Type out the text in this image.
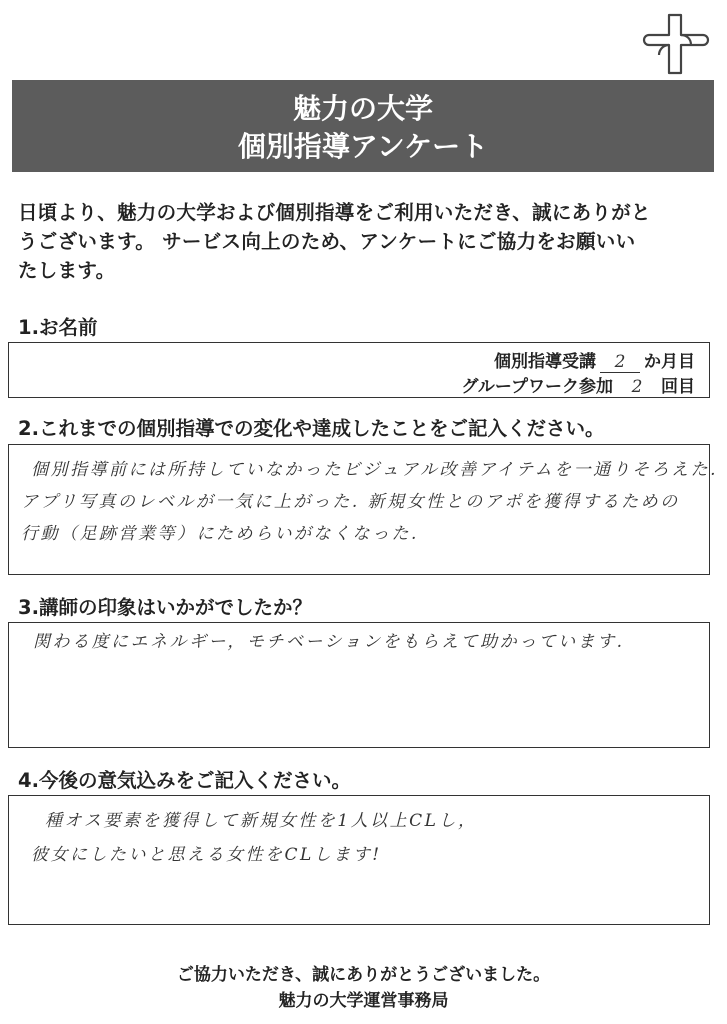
魅力の大学
個別指導アンケート
日頃より、魅力の大学および個別指導をご利用いただき、誠にありがと
うございます。 サービス向上のため、アンケートにご協力をお願いい
たします。
1.お名前
個別指導受講 2 か月目
グループワーク参加 2 回目
2.これまでの個別指導での変化や達成したことをご記入ください。
個別指導前には所持していなかったビジュアル改善アイテムを一通りそろえた.
アプリ写真のレベルが一気に上がった. 新規女性とのアポを獲得するための
行動（足跡営業等）にためらいがなくなった.
3.講師の印象はいかがでしたか？
関わる度にエネルギー，モチベーションをもらえて助かっています.
4.今後の意気込みをご記入ください。
種オス要素を獲得して新規女性を1人以上CLし，
彼女にしたいと思える女性をCLします!
ご協力いただき、誠にありがとうございました。
魅力の大学運営事務局
